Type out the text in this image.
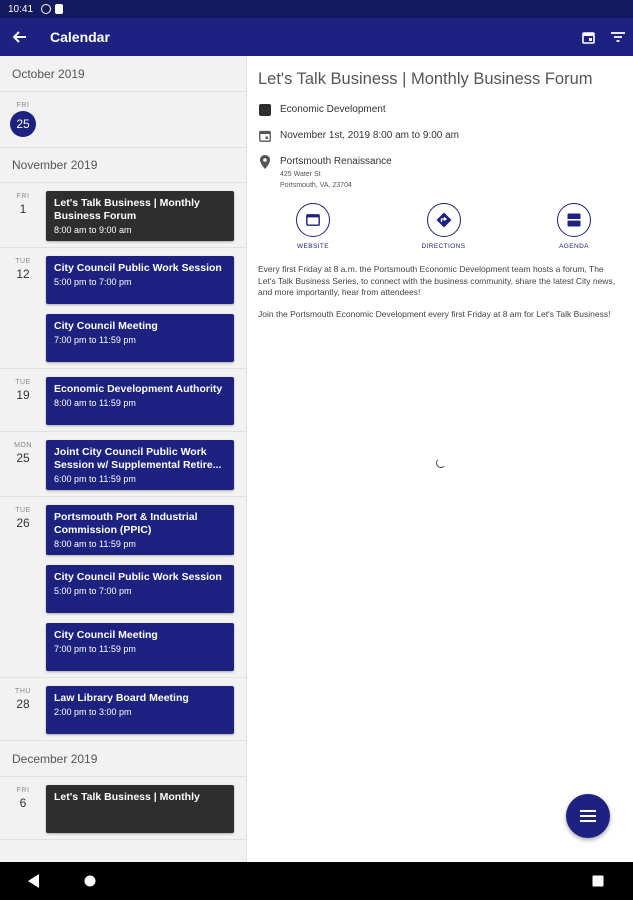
10:41
Calendar
October 2019
FRI
25
November 2019
FRI
1	Let's Talk Business | Monthly Business Forum
8:00 am to 9:00 am
TUE
12	City Council Public Work Session
5:00 pm to 7:00 pm
City Council Meeting
7:00 pm to 11:59 pm
TUE
19	Economic Development Authority
8:00 am to 11:59 pm
MON
25	Joint City Council Public Work Session w/ Supplemental Retire...
6:00 pm to 11:59 pm
TUE
26	Portsmouth Port & Industrial Commission (PPIC)
8:00 am to 11:59 pm
City Council Public Work Session
5:00 pm to 7:00 pm
City Council Meeting
7:00 pm to 11:59 pm
THU
28	Law Library Board Meeting
2:00 pm to 3:00 pm
December 2019
FRI
6	Let's Talk Business | Monthly
Let's Talk Business | Monthly Business Forum
Economic Development
November 1st, 2019 8:00 am to 9:00 am
Portsmouth Renaissance
425 Water St
Portsmouth, VA, 23704
WEBSITE	DIRECTIONS	AGENDA

Every first Friday at 8 a.m. the Portsmouth Economic Development team hosts a forum, The Let's Talk Business Series, to connect with the business community, share the latest City news, and more importantly, hear from attendees!

Join the Portsmouth Economic Development every first Friday at 8 am for Let's Talk Business!
